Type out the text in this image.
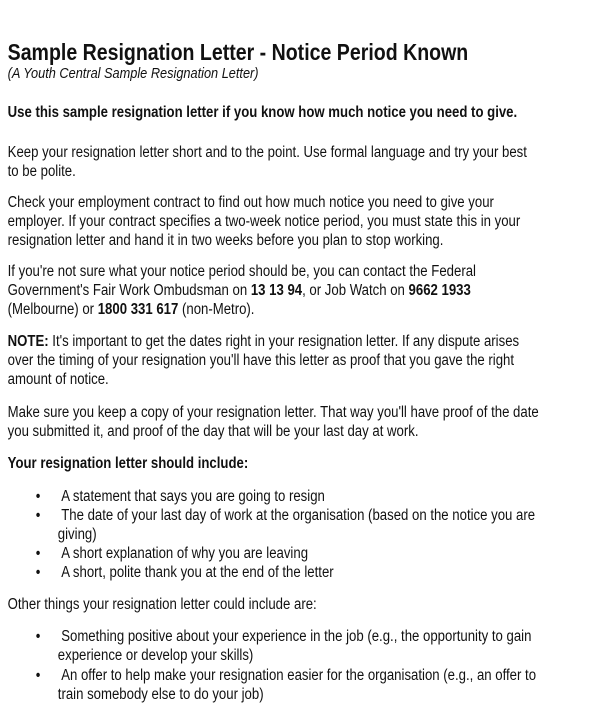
Sample Resignation Letter - Notice Period Known
(A Youth Central Sample Resignation Letter)
Use this sample resignation letter if you know how much notice you need to give.
Keep your resignation letter short and to the point. Use formal language and try your best
to be polite.
Check your employment contract to find out how much notice you need to give your
employer. If your contract specifies a two-week notice period, you must state this in your
resignation letter and hand it in two weeks before you plan to stop working.
If you're not sure what your notice period should be, you can contact the Federal
Government's Fair Work Ombudsman on 13 13 94, or Job Watch on 9662 1933
(Melbourne) or 1800 331 617 (non-Metro).
NOTE: It's important to get the dates right in your resignation letter. If any dispute arises
over the timing of your resignation you'll have this letter as proof that you gave the right
amount of notice.
Make sure you keep a copy of your resignation letter. That way you'll have proof of the date
you submitted it, and proof of the day that will be your last day at work.
Your resignation letter should include:
• A statement that says you are going to resign
• The date of your last day of work at the organisation (based on the notice you are
giving)
• A short explanation of why you are leaving
• A short, polite thank you at the end of the letter
Other things your resignation letter could include are:
• Something positive about your experience in the job (e.g., the opportunity to gain
experience or develop your skills)
• An offer to help make your resignation easier for the organisation (e.g., an offer to
train somebody else to do your job)
